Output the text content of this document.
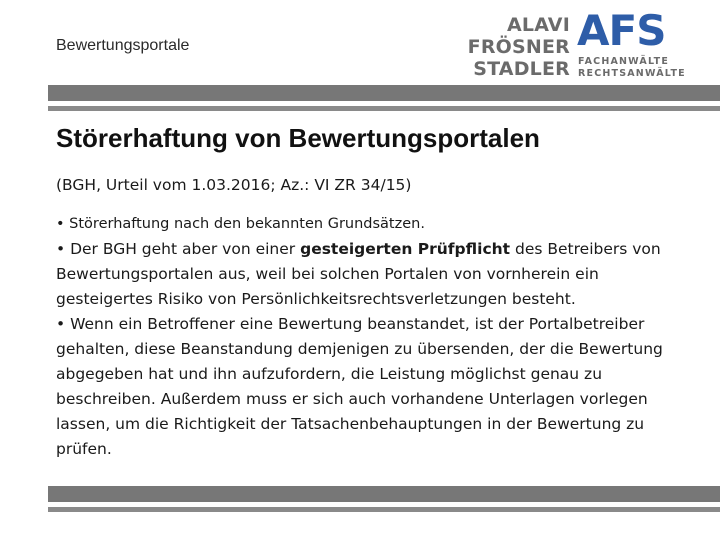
Bewertungsportale
ALAVI
FRÖSNER
STADLER
AFS
FACHANWÄLTE
RECHTSANWÄLTE
Störerhaftung von Bewertungsportalen
(BGH, Urteil vom 1.03.2016; Az.: VI ZR 34/15)

• Störerhaftung nach den bekannten Grundsätzen.

• Der BGH geht aber von einer gesteigerten Prüfpflicht des Betreibers von Bewertungsportalen aus, weil bei solchen Portalen von vornherein ein gesteigertes Risiko von Persönlichkeitsrechtsverletzungen besteht.

• Wenn ein Betroffener eine Bewertung beanstandet, ist der Portalbetreiber gehalten, diese Beanstandung demjenigen zu übersenden, der die Bewertung abgegeben hat und ihn aufzufordern, die Leistung möglichst genau zu beschreiben. Außerdem muss er sich auch vorhandene Unterlagen vorlegen lassen, um die Richtigkeit der Tatsachenbehauptungen in der Bewertung zu prüfen.
